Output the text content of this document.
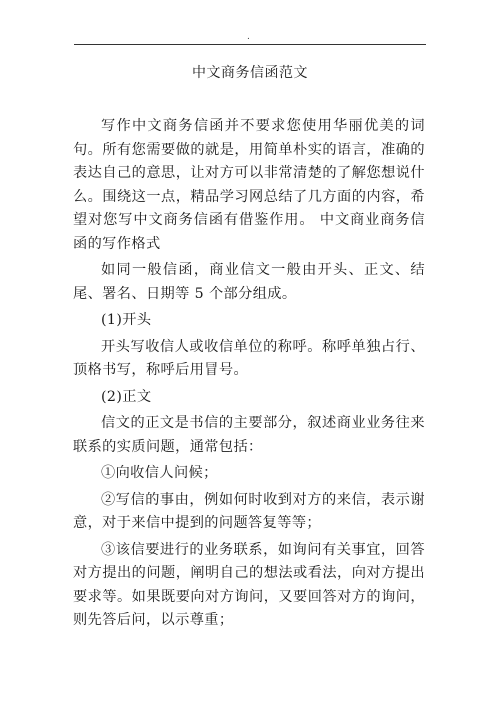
.
中文商务信函范文

写作中文商务信函并不要求您使用华丽优美的词句。所有您需要做的就是，用简单朴实的语言，准确的表达自己的意思，让对方可以非常清楚的了解您想说什么。围绕这一点，精品学习网总结了几方面的内容，希望对您写中文商务信函有借鉴作用。 中文商业商务信函的写作格式

如同一般信函，商业信文一般由开头、正文、结尾、署名、日期等 5 个部分组成。

(1)开头

开头写收信人或收信单位的称呼。称呼单独占行、顶格书写，称呼后用冒号。

(2)正文

信文的正文是书信的主要部分，叙述商业业务往来联系的实质问题，通常包括：

①向收信人问候；

②写信的事由，例如何时收到对方的来信，表示谢意，对于来信中提到的问题答复等等；

③该信要进行的业务联系，如询问有关事宜，回答对方提出的问题，阐明自己的想法或看法，向对方提出要求等。如果既要向对方询问，又要回答对方的询问，则先答后问，以示尊重；
